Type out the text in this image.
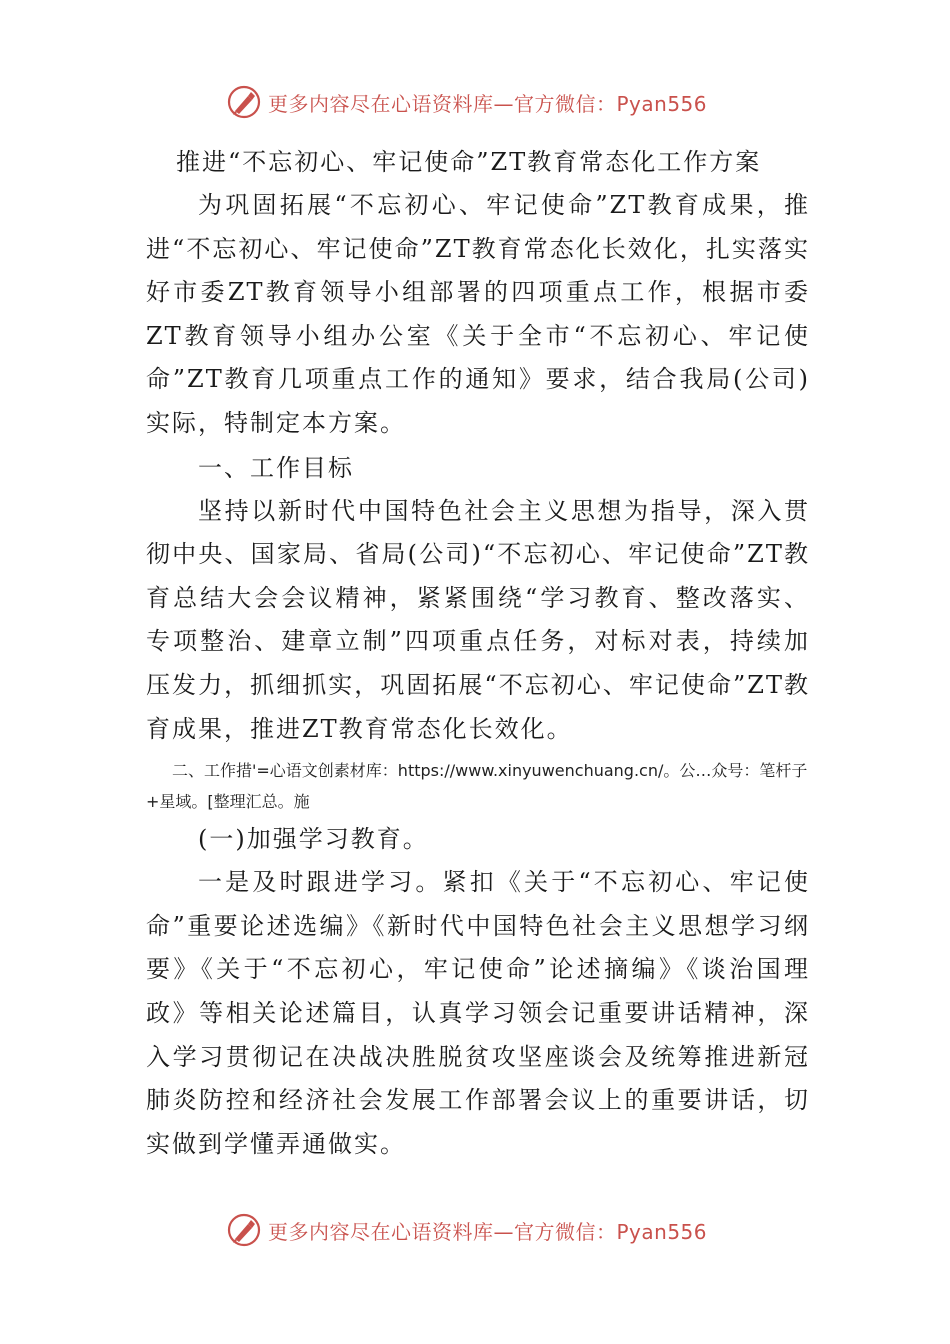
更多内容尽在心语资料库—官方微信：Pyan556

推进“不忘初心、牢记使命”ZT教育常态化工作方案

为巩固拓展“不忘初心、牢记使命”ZT教育成果，推进“不忘初心、牢记使命”ZT教育常态化长效化，扎实落实好市委ZT教育领导小组部署的四项重点工作，根据市委ZT教育领导小组办公室《关于全市“不忘初心、牢记使命”ZT教育几项重点工作的通知》要求，结合我局(公司)实际，特制定本方案。

一、工作目标

坚持以新时代中国特色社会主义思想为指导，深入贯彻中央、国家局、省局(公司)“不忘初心、牢记使命”ZT教育总结大会会议精神，紧紧围绕“学习教育、整改落实、专项整治、建章立制”四项重点任务，对标对表，持续加压发力，抓细抓实，巩固拓展“不忘初心、牢记使命”ZT教育成果，推进ZT教育常态化长效化。

二、工作措'=心语文创素材库：https://www.xinyuwenchuang.cn/。公…众号：笔杆子+星域。[整理汇总。施

(一)加强学习教育。

一是及时跟进学习。紧扣《关于“不忘初心、牢记使命”重要论述选编》《新时代中国特色社会主义思想学习纲要》《关于“不忘初心，牢记使命”论述摘编》《谈治国理政》等相关论述篇目，认真学习领会记重要讲话精神，深入学习贯彻记在决战决胜脱贫攻坚座谈会及统筹推进新冠肺炎防控和经济社会发展工作部署会议上的重要讲话，切实做到学懂弄通做实。

更多内容尽在心语资料库—官方微信：Pyan556
